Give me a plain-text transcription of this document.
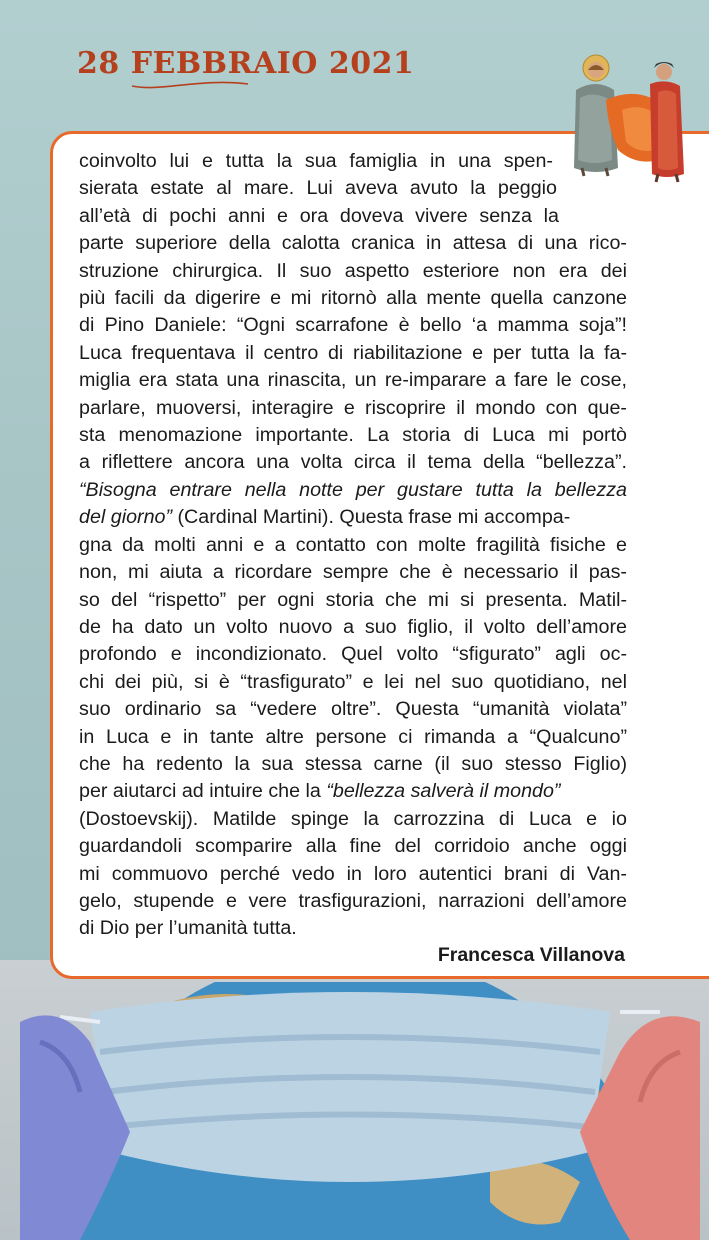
28 FEBBRAIO 2021
coinvolto lui e tutta la sua famiglia in una spen-
sierata estate al mare. Lui aveva avuto la peggio
all’età di pochi anni e ora doveva vivere senza la
parte superiore della calotta cranica in attesa di una rico-
struzione chirurgica. Il suo aspetto esteriore non era dei
più facili da digerire e mi ritornò alla mente quella canzone
di Pino Daniele: “Ogni scarrafone è bello ‘a mamma soja”!
Luca frequentava il centro di riabilitazione e per tutta la fa-
miglia era stata una rinascita, un re-imparare a fare le cose,
parlare, muoversi, interagire e riscoprire il mondo con que-
sta menomazione importante. La storia di Luca mi portò
a riflettere ancora una volta circa il tema della “bellezza”.
“Bisogna entrare nella notte per gustare tutta la bellezza
del giorno” (Cardinal Martini). Questa frase mi accompa-
gna da molti anni e a contatto con molte fragilità fisiche e
non, mi aiuta a ricordare sempre che è necessario il pas-
so del “rispetto” per ogni storia che mi si presenta. Matil-
de ha dato un volto nuovo a suo figlio, il volto dell’amore
profondo e incondizionato. Quel volto “sfigurato” agli oc-
chi dei più, si è “trasfigurato” e lei nel suo quotidiano, nel
suo ordinario sa “vedere oltre”. Questa “umanità violata”
in Luca e in tante altre persone ci rimanda a “Qualcuno”
che ha redento la sua stessa carne (il suo stesso Figlio)
per aiutarci ad intuire che la “bellezza salverà il mondo”
(Dostoevskij). Matilde spinge la carrozzina di Luca e io
guardandoli scomparire alla fine del corridoio anche oggi
mi commuovo perché vedo in loro autentici brani di Van-
gelo, stupende e vere trasfigurazioni, narrazioni dell’amore
di Dio per l’umanità tutta.
Francesca Villanova
